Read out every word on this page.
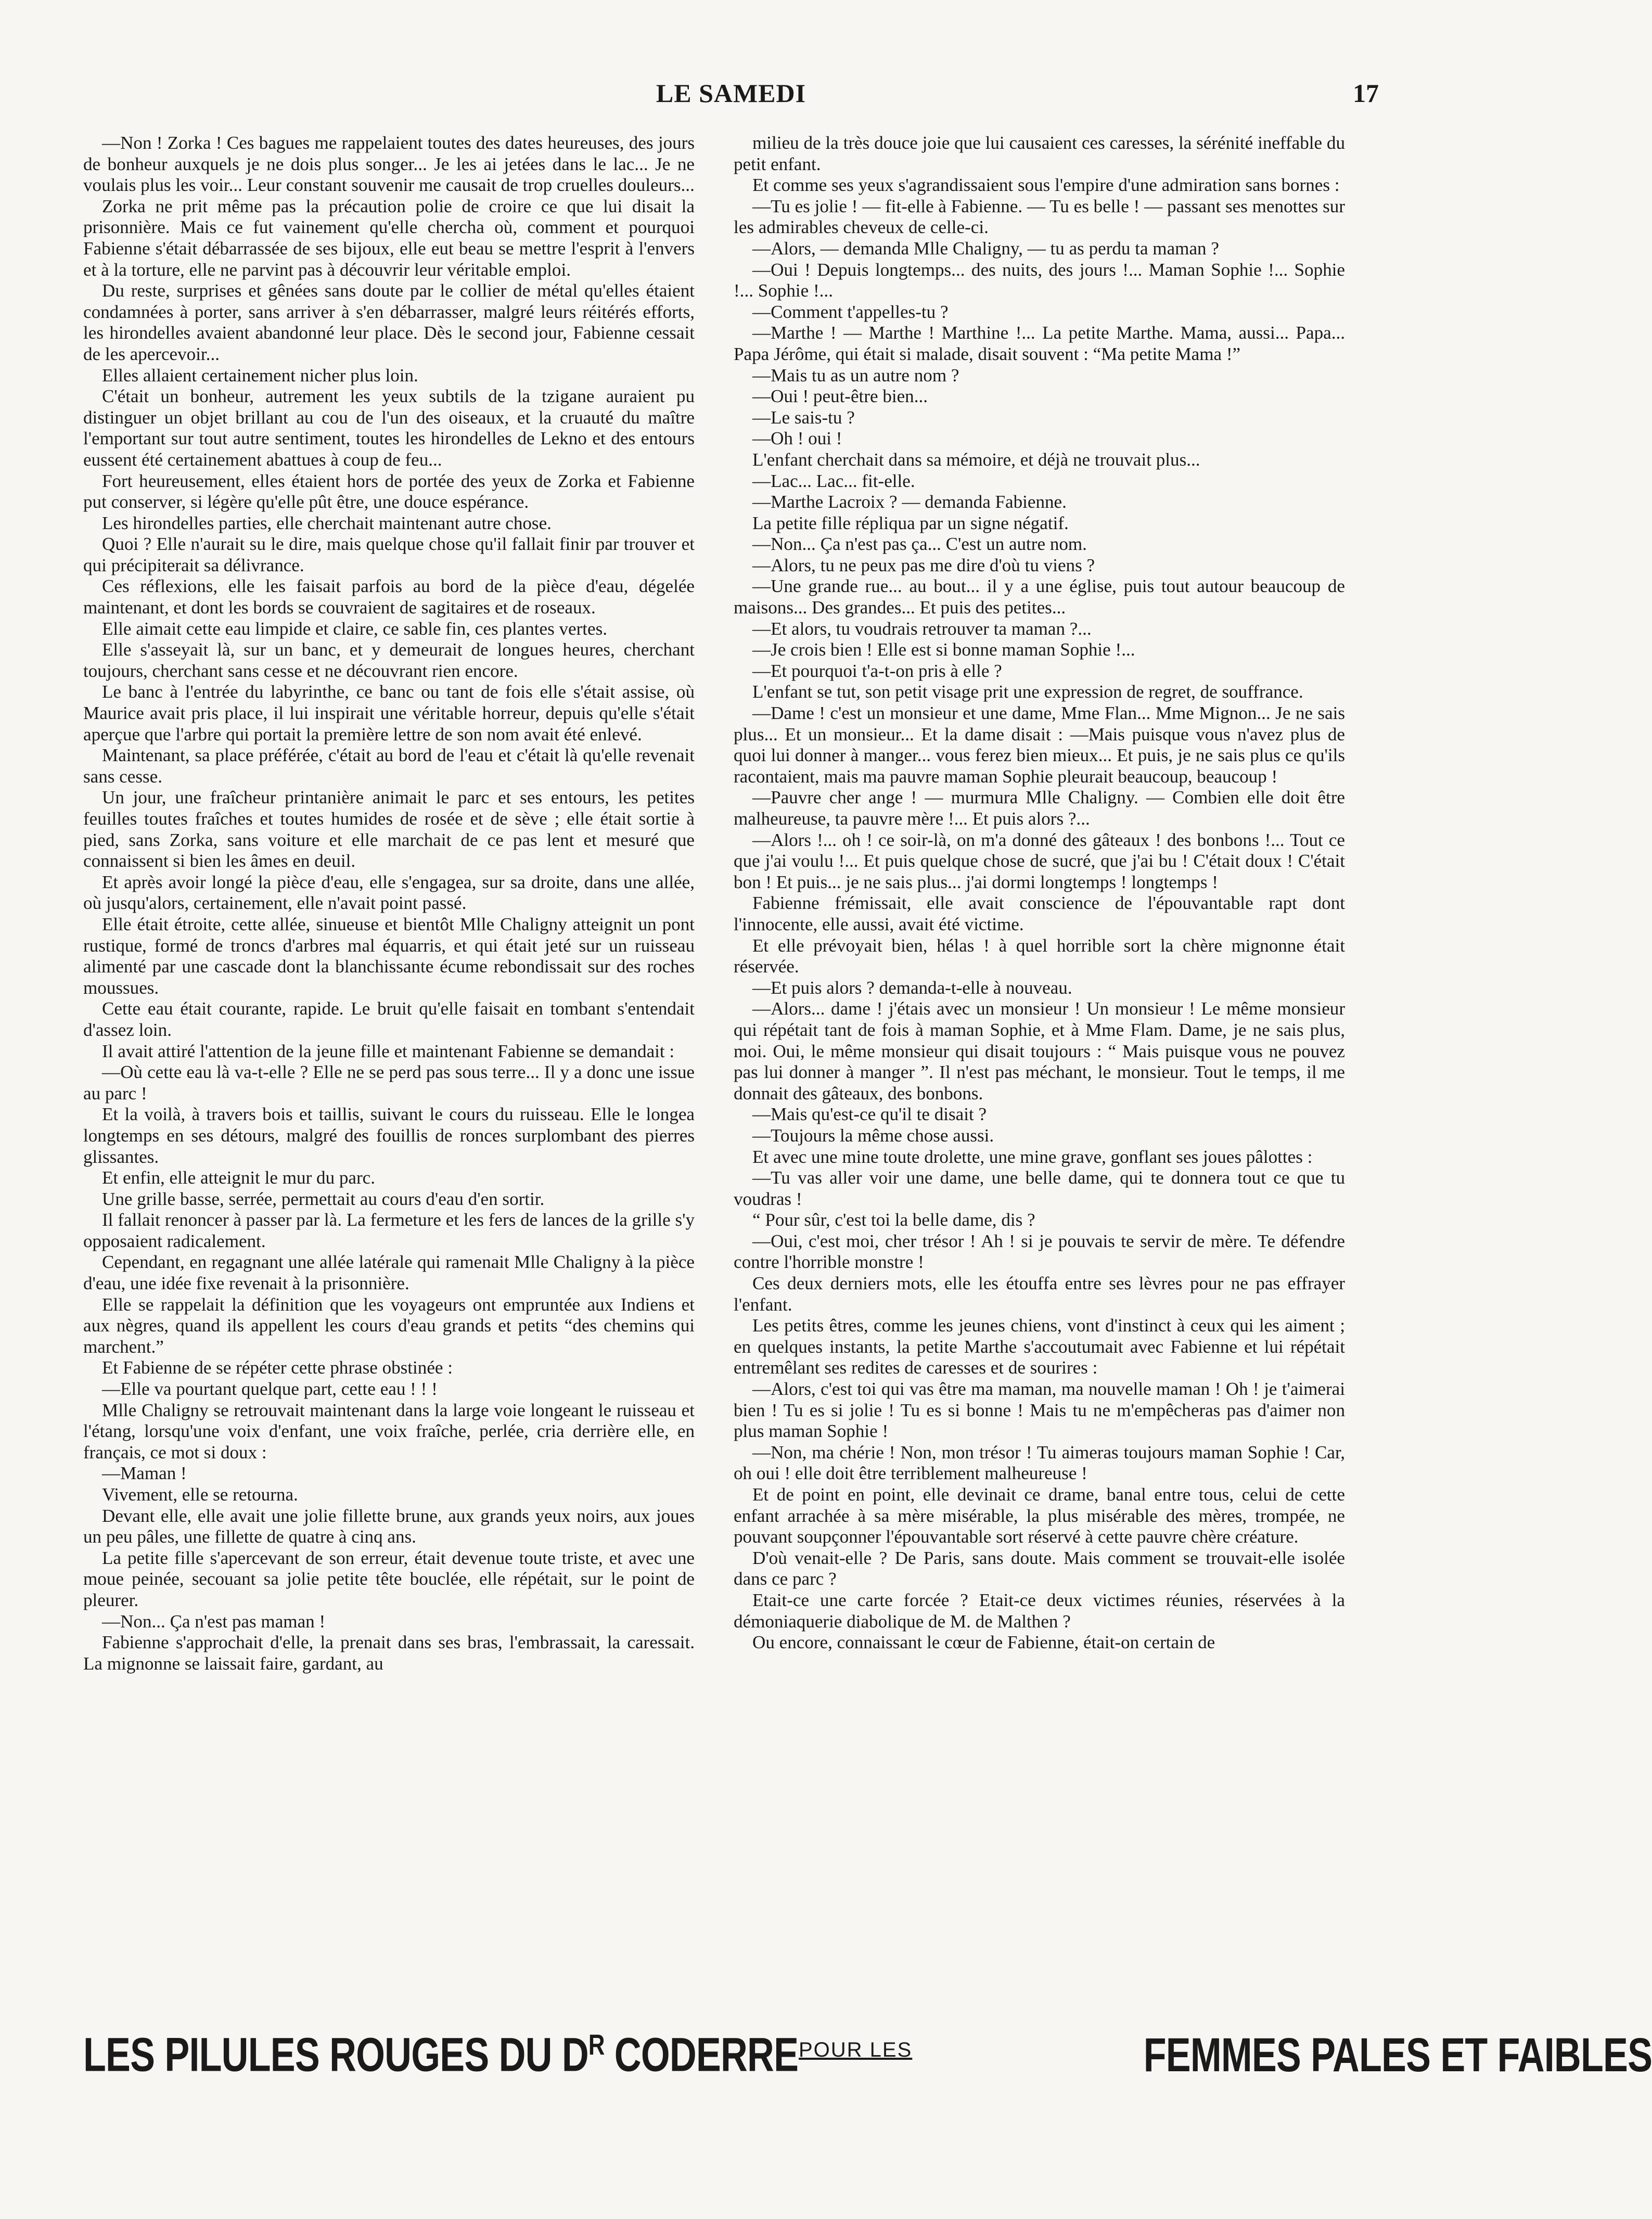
LE SAMEDI	17

—Non ! Zorka ! Ces bagues me rappelaient toutes des dates heureuses, des jours de bonheur auxquels je ne dois plus songer... Je les ai jetées dans le lac... Je ne voulais plus les voir... Leur constant souvenir me causait de trop cruelles douleurs...

Zorka ne prit même pas la précaution polie de croire ce que lui disait la prisonnière. Mais ce fut vainement qu'elle chercha où, comment et pourquoi Fabienne s'était débarrassée de ses bijoux, elle eut beau se mettre l'esprit à l'envers et à la torture, elle ne parvint pas à découvrir leur véritable emploi.

Du reste, surprises et gênées sans doute par le collier de métal qu'elles étaient condamnées à porter, sans arriver à s'en débarrasser, malgré leurs réitérés efforts, les hirondelles avaient abandonné leur place. Dès le second jour, Fabienne cessait de les apercevoir...

Elles allaient certainement nicher plus loin.

C'était un bonheur, autrement les yeux subtils de la tzigane auraient pu distinguer un objet brillant au cou de l'un des oiseaux, et la cruauté du maître l'emportant sur tout autre sentiment, toutes les hirondelles de Lekno et des entours eussent été certainement abattues à coup de feu...

Fort heureusement, elles étaient hors de portée des yeux de Zorka et Fabienne put conserver, si légère qu'elle pût être, une douce espérance.

Les hirondelles parties, elle cherchait maintenant autre chose.

Quoi ? Elle n'aurait su le dire, mais quelque chose qu'il fallait finir par trouver et qui précipiterait sa délivrance.

Ces réflexions, elle les faisait parfois au bord de la pièce d'eau, dégelée maintenant, et dont les bords se couvraient de sagitaires et de roseaux.

Elle aimait cette eau limpide et claire, ce sable fin, ces plantes vertes.

Elle s'asseyait là, sur un banc, et y demeurait de longues heures, cherchant toujours, cherchant sans cesse et ne découvrant rien encore.

Le banc à l'entrée du labyrinthe, ce banc ou tant de fois elle s'était assise, où Maurice avait pris place, il lui inspirait une véritable horreur, depuis qu'elle s'était aperçue que l'arbre qui portait la première lettre de son nom avait été enlevé.

Maintenant, sa place préférée, c'était au bord de l'eau et c'était là qu'elle revenait sans cesse.

Un jour, une fraîcheur printanière animait le parc et ses entours, les petites feuilles toutes fraîches et toutes humides de rosée et de sève ; elle était sortie à pied, sans Zorka, sans voiture et elle marchait de ce pas lent et mesuré que connaissent si bien les âmes en deuil.

Et après avoir longé la pièce d'eau, elle s'engagea, sur sa droite, dans une allée, où jusqu'alors, certainement, elle n'avait point passé.

Elle était étroite, cette allée, sinueuse et bientôt Mlle Chaligny atteignit un pont rustique, formé de troncs d'arbres mal équarris, et qui était jeté sur un ruisseau alimenté par une cascade dont la blanchissante écume rebondissait sur des roches moussues.

Cette eau était courante, rapide. Le bruit qu'elle faisait en tombant s'entendait d'assez loin.

Il avait attiré l'attention de la jeune fille et maintenant Fabienne se demandait :

—Où cette eau là va-t-elle ? Elle ne se perd pas sous terre... Il y a donc une issue au parc !

Et la voilà, à travers bois et taillis, suivant le cours du ruisseau. Elle le longea longtemps en ses détours, malgré des fouillis de ronces surplombant des pierres glissantes.

Et enfin, elle atteignit le mur du parc.

Une grille basse, serrée, permettait au cours d'eau d'en sortir.

Il fallait renoncer à passer par là. La fermeture et les fers de lances de la grille s'y opposaient radicalement.

Cependant, en regagnant une allée latérale qui ramenait Mlle Chaligny à la pièce d'eau, une idée fixe revenait à la prisonnière.

Elle se rappelait la définition que les voyageurs ont empruntée aux Indiens et aux nègres, quand ils appellent les cours d'eau grands et petits “des chemins qui marchent.”

Et Fabienne de se répéter cette phrase obstinée :

—Elle va pourtant quelque part, cette eau ! ! !

Mlle Chaligny se retrouvait maintenant dans la large voie longeant le ruisseau et l'étang, lorsqu'une voix d'enfant, une voix fraîche, perlée, cria derrière elle, en français, ce mot si doux :

—Maman !

Vivement, elle se retourna.

Devant elle, elle avait une jolie fillette brune, aux grands yeux noirs, aux joues un peu pâles, une fillette de quatre à cinq ans.

La petite fille s'apercevant de son erreur, était devenue toute triste, et avec une moue peinée, secouant sa jolie petite tête bouclée, elle répétait, sur le point de pleurer.

—Non... Ça n'est pas maman !

Fabienne s'approchait d'elle, la prenait dans ses bras, l'embrassait, la caressait. La mignonne se laissait faire, gardant, au

milieu de la très douce joie que lui causaient ces caresses, la sérénité ineffable du petit enfant.

Et comme ses yeux s'agrandissaient sous l'empire d'une admiration sans bornes :

—Tu es jolie ! — fit-elle à Fabienne. — Tu es belle ! — passant ses menottes sur les admirables cheveux de celle-ci.

—Alors, — demanda Mlle Chaligny, — tu as perdu ta maman ?

—Oui ! Depuis longtemps... des nuits, des jours !... Maman Sophie !... Sophie !... Sophie !...

—Comment t'appelles-tu ?

—Marthe ! — Marthe ! Marthine !... La petite Marthe. Mama, aussi... Papa... Papa Jérôme, qui était si malade, disait souvent : “Ma petite Mama !”

—Mais tu as un autre nom ?

—Oui ! peut-être bien...

—Le sais-tu ?

—Oh ! oui !

L'enfant cherchait dans sa mémoire, et déjà ne trouvait plus...

—Lac... Lac... fit-elle.

—Marthe Lacroix ? — demanda Fabienne.

La petite fille répliqua par un signe négatif.

—Non... Ça n'est pas ça... C'est un autre nom.

—Alors, tu ne peux pas me dire d'où tu viens ?

—Une grande rue... au bout... il y a une église, puis tout autour beaucoup de maisons... Des grandes... Et puis des petites...

—Et alors, tu voudrais retrouver ta maman ?...

—Je crois bien ! Elle est si bonne maman Sophie !...

—Et pourquoi t'a-t-on pris à elle ?

L'enfant se tut, son petit visage prit une expression de regret, de souffrance.

—Dame ! c'est un monsieur et une dame, Mme Flan... Mme Mignon... Je ne sais plus... Et un monsieur... Et la dame disait : —Mais puisque vous n'avez plus de quoi lui donner à manger... vous ferez bien mieux... Et puis, je ne sais plus ce qu'ils racontaient, mais ma pauvre maman Sophie pleurait beaucoup, beaucoup !

—Pauvre cher ange ! — murmura Mlle Chaligny. — Combien elle doit être malheureuse, ta pauvre mère !... Et puis alors ?...

—Alors !... oh ! ce soir-là, on m'a donné des gâteaux ! des bonbons !... Tout ce que j'ai voulu !... Et puis quelque chose de sucré, que j'ai bu ! C'était doux ! C'était bon ! Et puis... je ne sais plus... j'ai dormi longtemps ! longtemps !

Fabienne frémissait, elle avait conscience de l'épouvantable rapt dont l'innocente, elle aussi, avait été victime.

Et elle prévoyait bien, hélas ! à quel horrible sort la chère mignonne était réservée.

—Et puis alors ? demanda-t-elle à nouveau.

—Alors... dame ! j'étais avec un monsieur ! Un monsieur ! Le même monsieur qui répétait tant de fois à maman Sophie, et à Mme Flam. Dame, je ne sais plus, moi. Oui, le même monsieur qui disait toujours : “ Mais puisque vous ne pouvez pas lui donner à manger ”. Il n'est pas méchant, le monsieur. Tout le temps, il me donnait des gâteaux, des bonbons.

—Mais qu'est-ce qu'il te disait ?

—Toujours la même chose aussi.

Et avec une mine toute drolette, une mine grave, gonflant ses joues pâlottes :

—Tu vas aller voir une dame, une belle dame, qui te donnera tout ce que tu voudras !

“ Pour sûr, c'est toi la belle dame, dis ?

—Oui, c'est moi, cher trésor ! Ah ! si je pouvais te servir de mère. Te défendre contre l'horrible monstre !

Ces deux derniers mots, elle les étouffa entre ses lèvres pour ne pas effrayer l'enfant.

Les petits êtres, comme les jeunes chiens, vont d'instinct à ceux qui les aiment ; en quelques instants, la petite Marthe s'accoutumait avec Fabienne et lui répétait entremêlant ses redites de caresses et de sourires :

—Alors, c'est toi qui vas être ma maman, ma nouvelle maman ! Oh ! je t'aimerai bien ! Tu es si jolie ! Tu es si bonne ! Mais tu ne m'empêcheras pas d'aimer non plus maman Sophie !

—Non, ma chérie ! Non, mon trésor ! Tu aimeras toujours maman Sophie ! Car, oh oui ! elle doit être terriblement malheureuse !

Et de point en point, elle devinait ce drame, banal entre tous, celui de cette enfant arrachée à sa mère misérable, la plus misérable des mères, trompée, ne pouvant soupçonner l'épouvantable sort réservé à cette pauvre chère créature.

D'où venait-elle ? De Paris, sans doute. Mais comment se trouvait-elle isolée dans ce parc ?

Etait-ce une carte forcée ? Etait-ce deux victimes réunies, réservées à la démoniaquerie diabolique de M. de Malthen ?

Ou encore, connaissant le cœur de Fabienne, était-on certain de

LES PILULES ROUGES DU $D^R$ CODERRE POUR LES	FEMMES PALES ET FAIBLES
